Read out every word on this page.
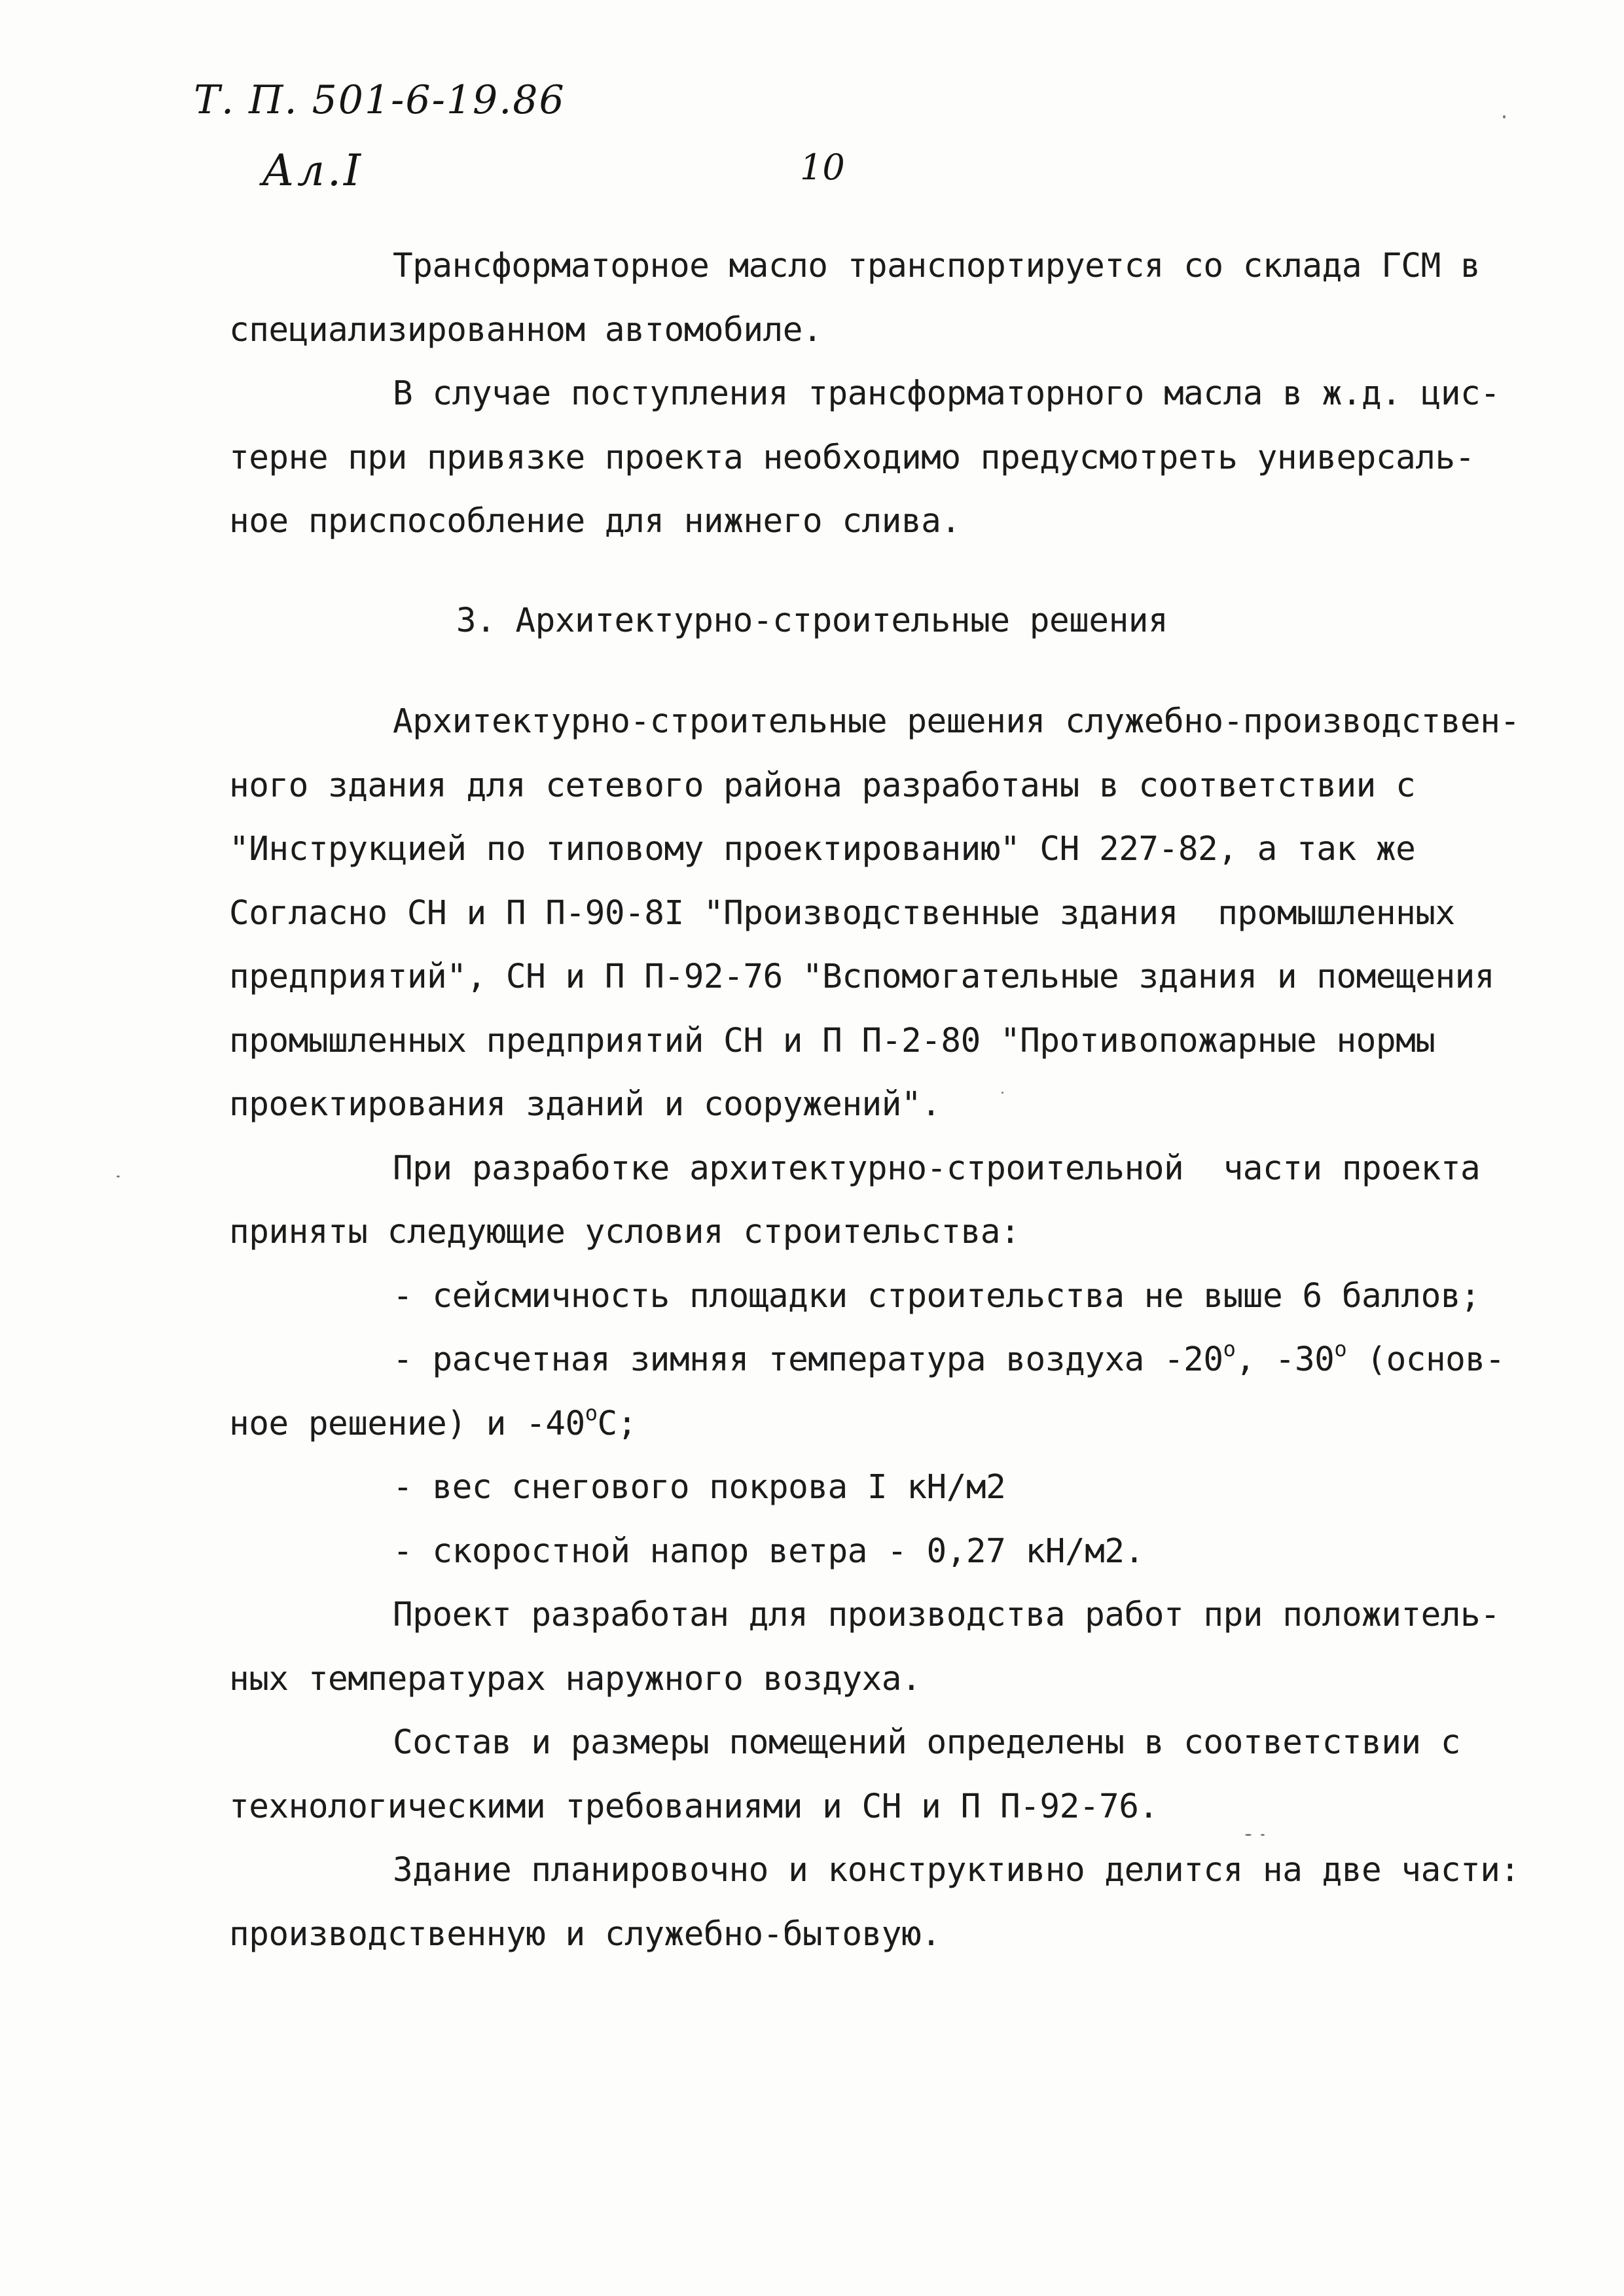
Т. П. 501-6-19.86
Ал.I	10
Трансформаторное масло транспортируется со склада ГСМ в
специализированном автомобиле.
В случае поступления трансформаторного масла в ж.д. цис-
терне при привязке проекта необходимо предусмотреть универсаль-
ное приспособление для нижнего слива.
3. Архитектурно-строительные решения
Архитектурно-строительные решения служебно-производствен-
ного здания для сетевого района разработаны в соответствии с
"Инструкцией по типовому проектированию" СН 227-82, а так же
Согласно СН и П П-90-8I "Производственные здания  промышленных
предприятий", СН и П П-92-76 "Вспомогательные здания и помещения
промышленных предприятий СН и П П-2-80 "Противопожарные нормы
проектирования зданий и сооружений".
При разработке архитектурно-строительной  части проекта
приняты следующие условия строительства:
- сейсмичность площадки строительства не выше 6 баллов;
- расчетная зимняя температура воздуха $-20^о$, $-30^о$ (основ-
ное решение) и $-40^оС$;
- вес снегового покрова I кН/м2
- скоростной напор ветра - 0,27 кН/м2.
Проект разработан для производства работ при положитель-
ных температурах наружного воздуха.
Состав и размеры помещений определены в соответствии с
технологическими требованиями и СН и П П-92-76.
Здание планировочно и конструктивно делится на две части:
производственную и служебно-бытовую.
